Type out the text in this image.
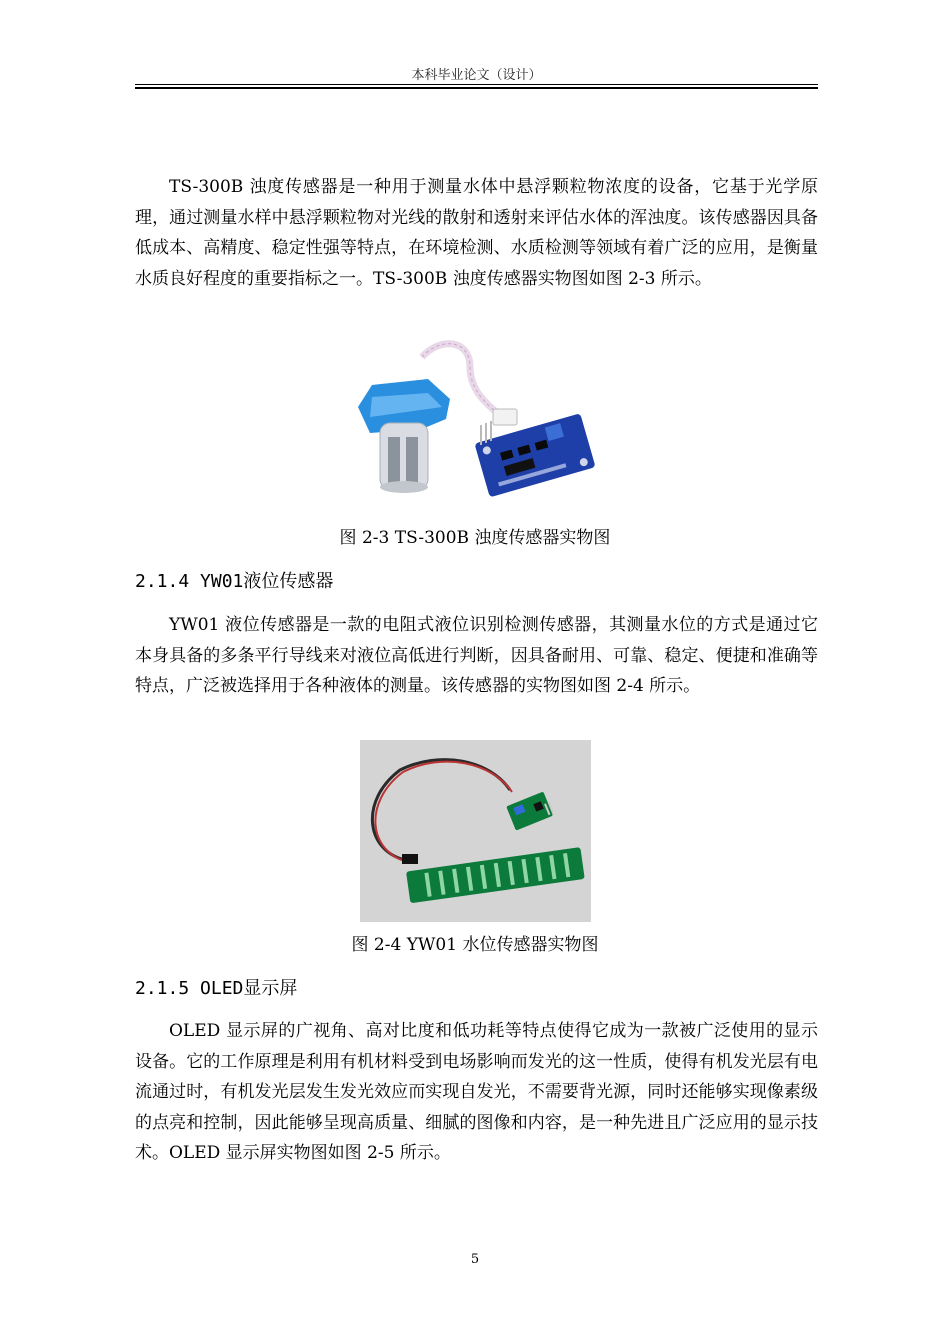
本科毕业论文（设计）

TS-300B 浊度传感器是一种用于测量水体中悬浮颗粒物浓度的设备，它基于光学原理，通过测量水样中悬浮颗粒物对光线的散射和透射来评估水体的浑浊度。该传感器因具备低成本、高精度、稳定性强等特点，在环境检测、水质检测等领域有着广泛的应用，是衡量水质良好程度的重要指标之一。TS-300B 浊度传感器实物图如图 2-3 所示。

图 2-3 TS-300B 浊度传感器实物图

2.1.4 YW01液位传感器

YW01 液位传感器是一款的电阻式液位识别检测传感器，其测量水位的方式是通过它本身具备的多条平行导线来对液位高低进行判断，因具备耐用、可靠、稳定、便捷和准确等特点，广泛被选择用于各种液体的测量。该传感器的实物图如图 2-4 所示。

图 2-4 YW01 水位传感器实物图

2.1.5 OLED显示屏

OLED 显示屏的广视角、高对比度和低功耗等特点使得它成为一款被广泛使用的显示设备。它的工作原理是利用有机材料受到电场影响而发光的这一性质，使得有机发光层有电流通过时，有机发光层发生发光效应而实现自发光，不需要背光源，同时还能够实现像素级的点亮和控制，因此能够呈现高质量、细腻的图像和内容，是一种先进且广泛应用的显示技术。OLED 显示屏实物图如图 2-5 所示。

5
